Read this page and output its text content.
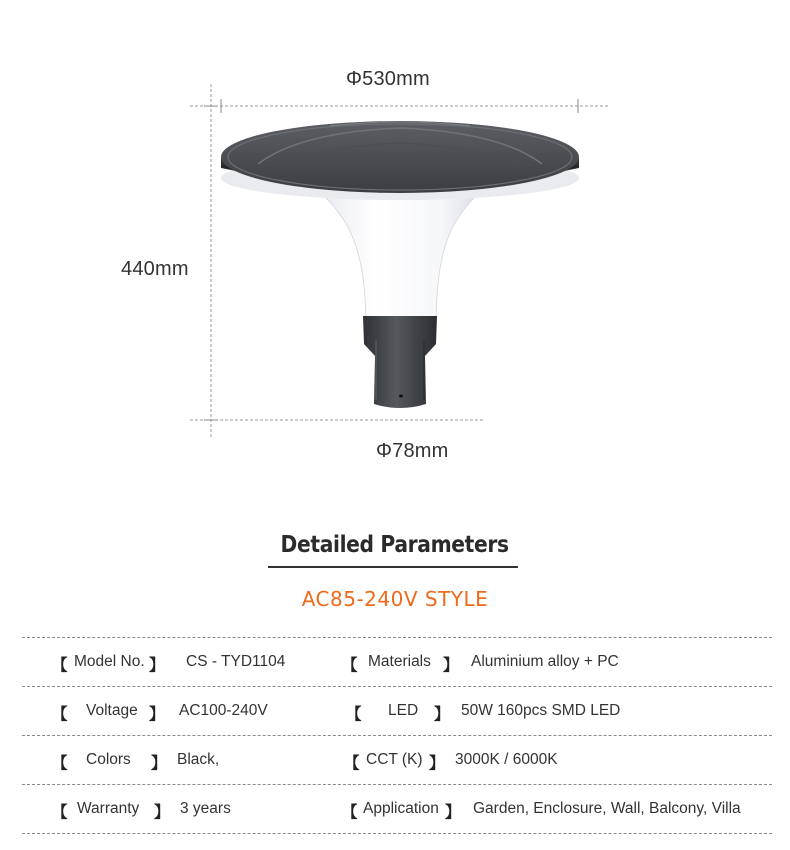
Φ530mm
440mm
Φ78mm
Detailed Parameters
AC85-240V STYLE
【 Model No. 】 CS - TYD1104	【 Materials 】 Aluminium alloy + PC
【 Voltage 】 AC100-240V	【 LED 】 50W 160pcs SMD LED
【 Colors 】 Black,	【 CCT (K) 】 3000K / 6000K
【 Warranty 】 3 years	【 Application 】 Garden, Enclosure, Wall, Balcony, Villa
